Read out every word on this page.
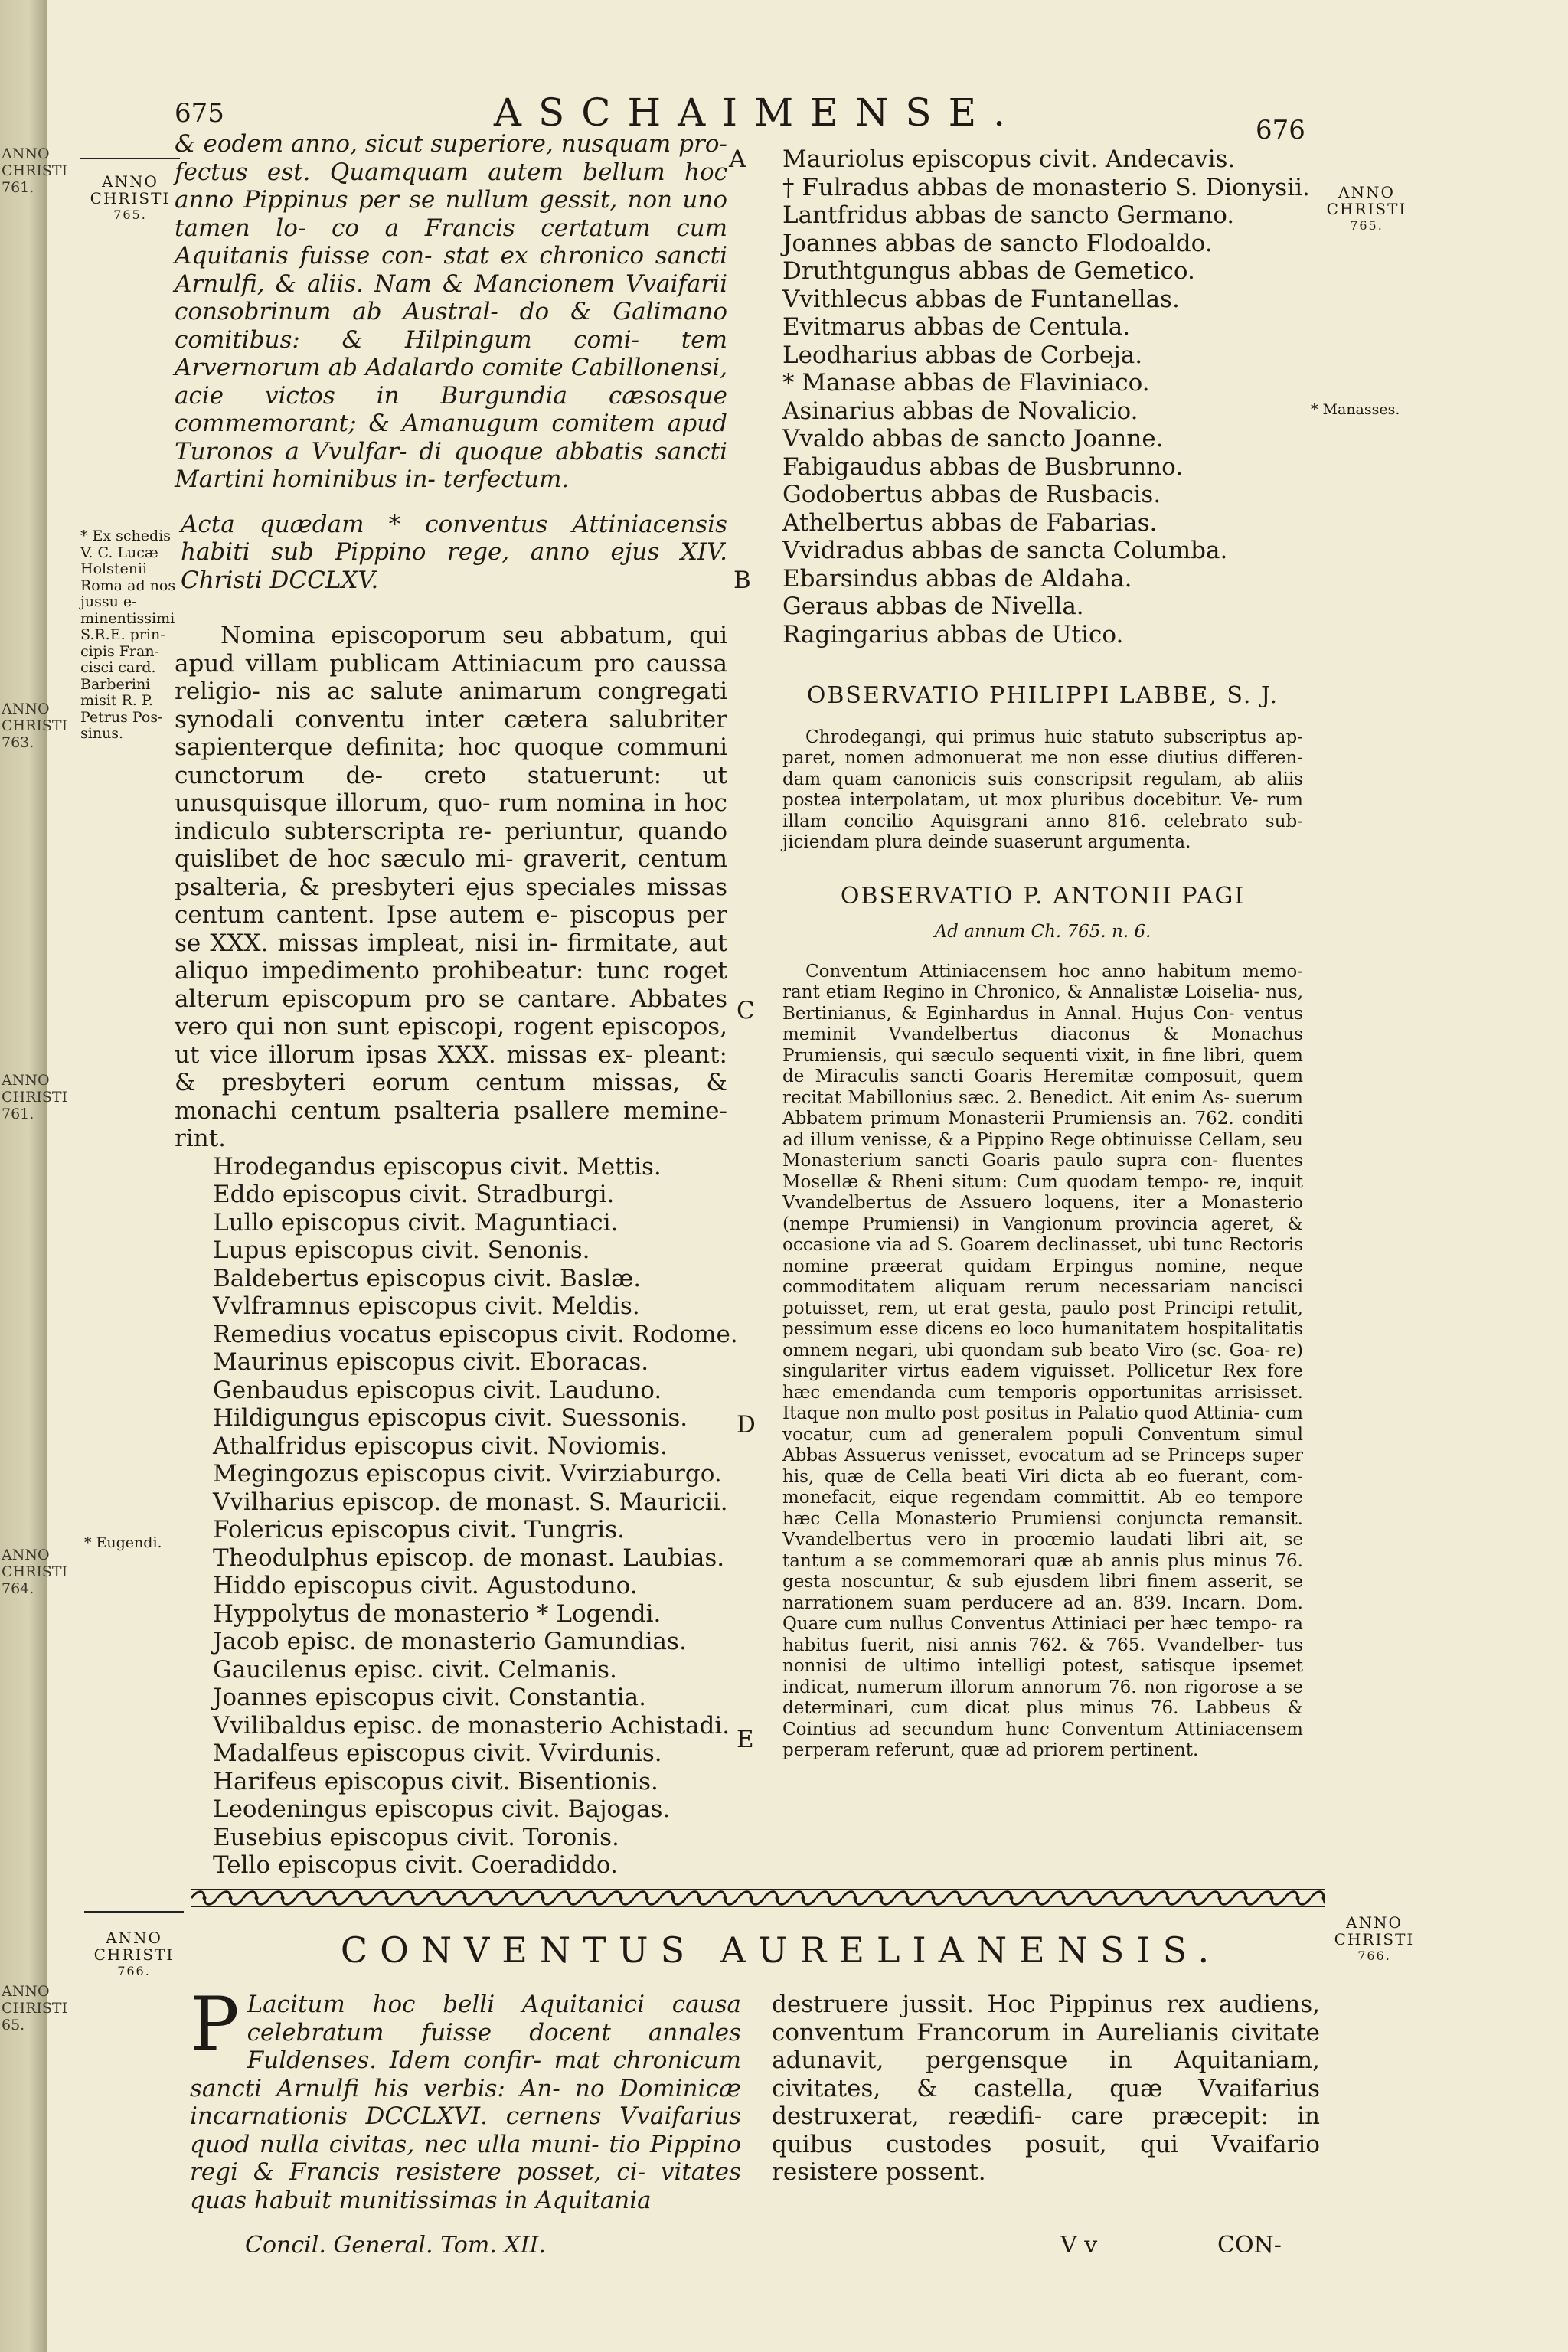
ANNO CHRISTI 761.
ANNO CHRISTI 763.
ANNO CHRISTI 761.
ANNO CHRISTI 764.
ANNO CHRISTI 65.
675	ASCHAIMENSE.	676
ANNO
CHRISTI
765.
ANNO
CHRISTI
765.
* Manasses.
* Ex schedis V. C. Lucæ Holstenii Roma ad nos jussu e- minentissimi S.R.E. prin- cipis Fran- cisci card. Barberini misit R. P. Petrus Pos- sinus.
* Eugendi.
ANNO
CHRISTI
766.
ANNO
CHRISTI
766.
A
B
C
D
E

& eodem anno, sicut superiore, nusquam pro- fectus est. Quamquam autem bellum hoc anno Pippinus per se nullum gessit, non uno tamen lo- co a Francis certatum cum Aquitanis fuisse con- stat ex chronico sancti Arnulfi, & aliis. Nam & Mancionem Vvaifarii consobrinum ab Austral- do & Galimano comitibus: & Hilpingum comi- tem Arvernorum ab Adalardo comite Cabillonensi, acie victos in Burgundia cæsosque commemorant; & Amanugum comitem apud Turonos a Vvulfar- di quoque abbatis sancti Martini hominibus in- terfectum.

Acta quædam * conventus Attiniacensis habiti sub Pippino rege, anno ejus XIV. Christi DCCLXV.

Nomina episcoporum seu abbatum, qui apud villam publicam Attiniacum pro caussa religio- nis ac salute animarum congregati synodali conventu inter cætera salubriter sapienterque definita; hoc quoque communi cunctorum de- creto statuerunt: ut unusquisque illorum, quo- rum nomina in hoc indiculo subterscripta re- periuntur, quando quislibet de hoc sæculo mi- graverit, centum psalteria, & presbyteri ejus speciales missas centum cantent. Ipse autem e- piscopus per se XXX. missas impleat, nisi in- firmitate, aut aliquo impedimento prohibeatur: tunc roget alterum episcopum pro se cantare. Abbates vero qui non sunt episcopi, rogent episcopos, ut vice illorum ipsas XXX. missas ex- pleant: & presbyteri eorum centum missas, & monachi centum psalteria psallere memine- rint.

Hrodegandus episcopus civit. Mettis.
Eddo episcopus civit. Stradburgi.
Lullo episcopus civit. Maguntiaci.
Lupus episcopus civit. Senonis.
Baldebertus episcopus civit. Baslæ.
Vvlframnus episcopus civit. Meldis.
Remedius vocatus episcopus civit. Rodome.
Maurinus episcopus civit. Eboracas.
Genbaudus episcopus civit. Lauduno.
Hildigungus episcopus civit. Suessonis.
Athalfridus episcopus civit. Noviomis.
Megingozus episcopus civit. Vvirziaburgo.
Vvilharius episcop. de monast. S. Mauricii.
Folericus episcopus civit. Tungris.
Theodulphus episcop. de monast. Laubias.
Hiddo episcopus civit. Agustoduno.
Hyppolytus de monasterio * Logendi.
Jacob episc. de monasterio Gamundias.
Gaucilenus episc. civit. Celmanis.
Joannes episcopus civit. Constantia.
Vvilibaldus episc. de monasterio Achistadi.
Madalfeus episcopus civit. Vvirdunis.
Harifeus episcopus civit. Bisentionis.
Leodeningus episcopus civit. Bajogas.
Eusebius episcopus civit. Toronis.
Tello episcopus civit. Coeradiddo.
Mauriolus episcopus civit. Andecavis.
† Fulradus abbas de monasterio S. Dionysii.
Lantfridus abbas de sancto Germano.
Joannes abbas de sancto Flodoaldo.
Druthtgungus abbas de Gemetico.
Vvithlecus abbas de Funtanellas.
Evitmarus abbas de Centula.
Leodharius abbas de Corbeja.
* Manase abbas de Flaviniaco.
Asinarius abbas de Novalicio.
Vvaldo abbas de sancto Joanne.
Fabigaudus abbas de Busbrunno.
Godobertus abbas de Rusbacis.
Athelbertus abbas de Fabarias.
Vvidradus abbas de sancta Columba.
Ebarsindus abbas de Aldaha.
Geraus abbas de Nivella.
Ragingarius abbas de Utico.
OBSERVATIO PHILIPPI LABBE, S. J.

Chrodegangi, qui primus huic statuto subscriptus ap- paret, nomen admonuerat me non esse diutius differen- dam quam canonicis suis conscripsit regulam, ab aliis postea interpolatam, ut mox pluribus docebitur. Ve- rum illam concilio Aquisgrani anno 816. celebrato sub- jiciendam plura deinde suaserunt argumenta.

OBSERVATIO P. ANTONII PAGI
Ad annum Ch. 765. n. 6.

Conventum Attiniacensem hoc anno habitum memo- rant etiam Regino in Chronico, & Annalistæ Loiselia- nus, Bertinianus, & Eginhardus in Annal. Hujus Con- ventus meminit Vvandelbertus diaconus & Monachus Prumiensis, qui sæculo sequenti vixit, in fine libri, quem de Miraculis sancti Goaris Heremitæ composuit, quem recitat Mabillonius sæc. 2. Benedict. Ait enim As- suerum Abbatem primum Monasterii Prumiensis an. 762. conditi ad illum venisse, & a Pippino Rege obtinuisse Cellam, seu Monasterium sancti Goaris paulo supra con- fluentes Mosellæ & Rheni situm: Cum quodam tempo- re, inquit Vvandelbertus de Assuero loquens, iter a Monasterio (nempe Prumiensi) in Vangionum provincia ageret, & occasione via ad S. Goarem declinasset, ubi tunc Rectoris nomine præerat quidam Erpingus nomine, neque commoditatem aliquam rerum necessariam nancisci potuisset, rem, ut erat gesta, paulo post Principi retulit, pessimum esse dicens eo loco humanitatem hospitalitatis omnem negari, ubi quondam sub beato Viro (sc. Goa- re) singulariter virtus eadem viguisset. Pollicetur Rex fore hæc emendanda cum temporis opportunitas arrisisset. Itaque non multo post positus in Palatio quod Attinia- cum vocatur, cum ad generalem populi Conventum simul Abbas Assuerus venisset, evocatum ad se Princeps super his, quæ de Cella beati Viri dicta ab eo fuerant, com- monefacit, eique regendam committit. Ab eo tempore hæc Cella Monasterio Prumiensi conjuncta remansit. Vvandelbertus vero in proœmio laudati libri ait, se tantum a se commemorari quæ ab annis plus minus 76. gesta noscuntur, & sub ejusdem libri finem asserit, se narrationem suam perducere ad an. 839. Incarn. Dom. Quare cum nullus Conventus Attiniaci per hæc tempo- ra habitus fuerit, nisi annis 762. & 765. Vvandelber- tus nonnisi de ultimo intelligi potest, satisque ipsemet indicat, numerum illorum annorum 76. non rigorose a se determinari, cum dicat plus minus 76. Labbeus & Cointius ad secundum hunc Conventum Attiniacensem perperam referunt, quæ ad priorem pertinent.

CONVENTUS AURELIANENSIS.
P Lacitum hoc belli Aquitanici causa celebratum fuisse docent annales Fuldenses. Idem confir- mat chronicum sancti Arnulfi his verbis: An- no Dominicæ incarnationis DCCLXVI. cernens Vvaifarius quod nulla civitas, nec ulla muni- tio Pippino regi & Francis resistere posset, ci- vitates quas habuit munitissimas in Aquitania

destruere jussit. Hoc Pippinus rex audiens, conventum Francorum in Aurelianis civitate adunavit, pergensque in Aquitaniam, civitates, & castella, quæ Vvaifarius destruxerat, reædifi- care præcepit: in quibus custodes posuit, qui Vvaifario resistere possent.

Concil. General. Tom. XII.	V v	CON-
